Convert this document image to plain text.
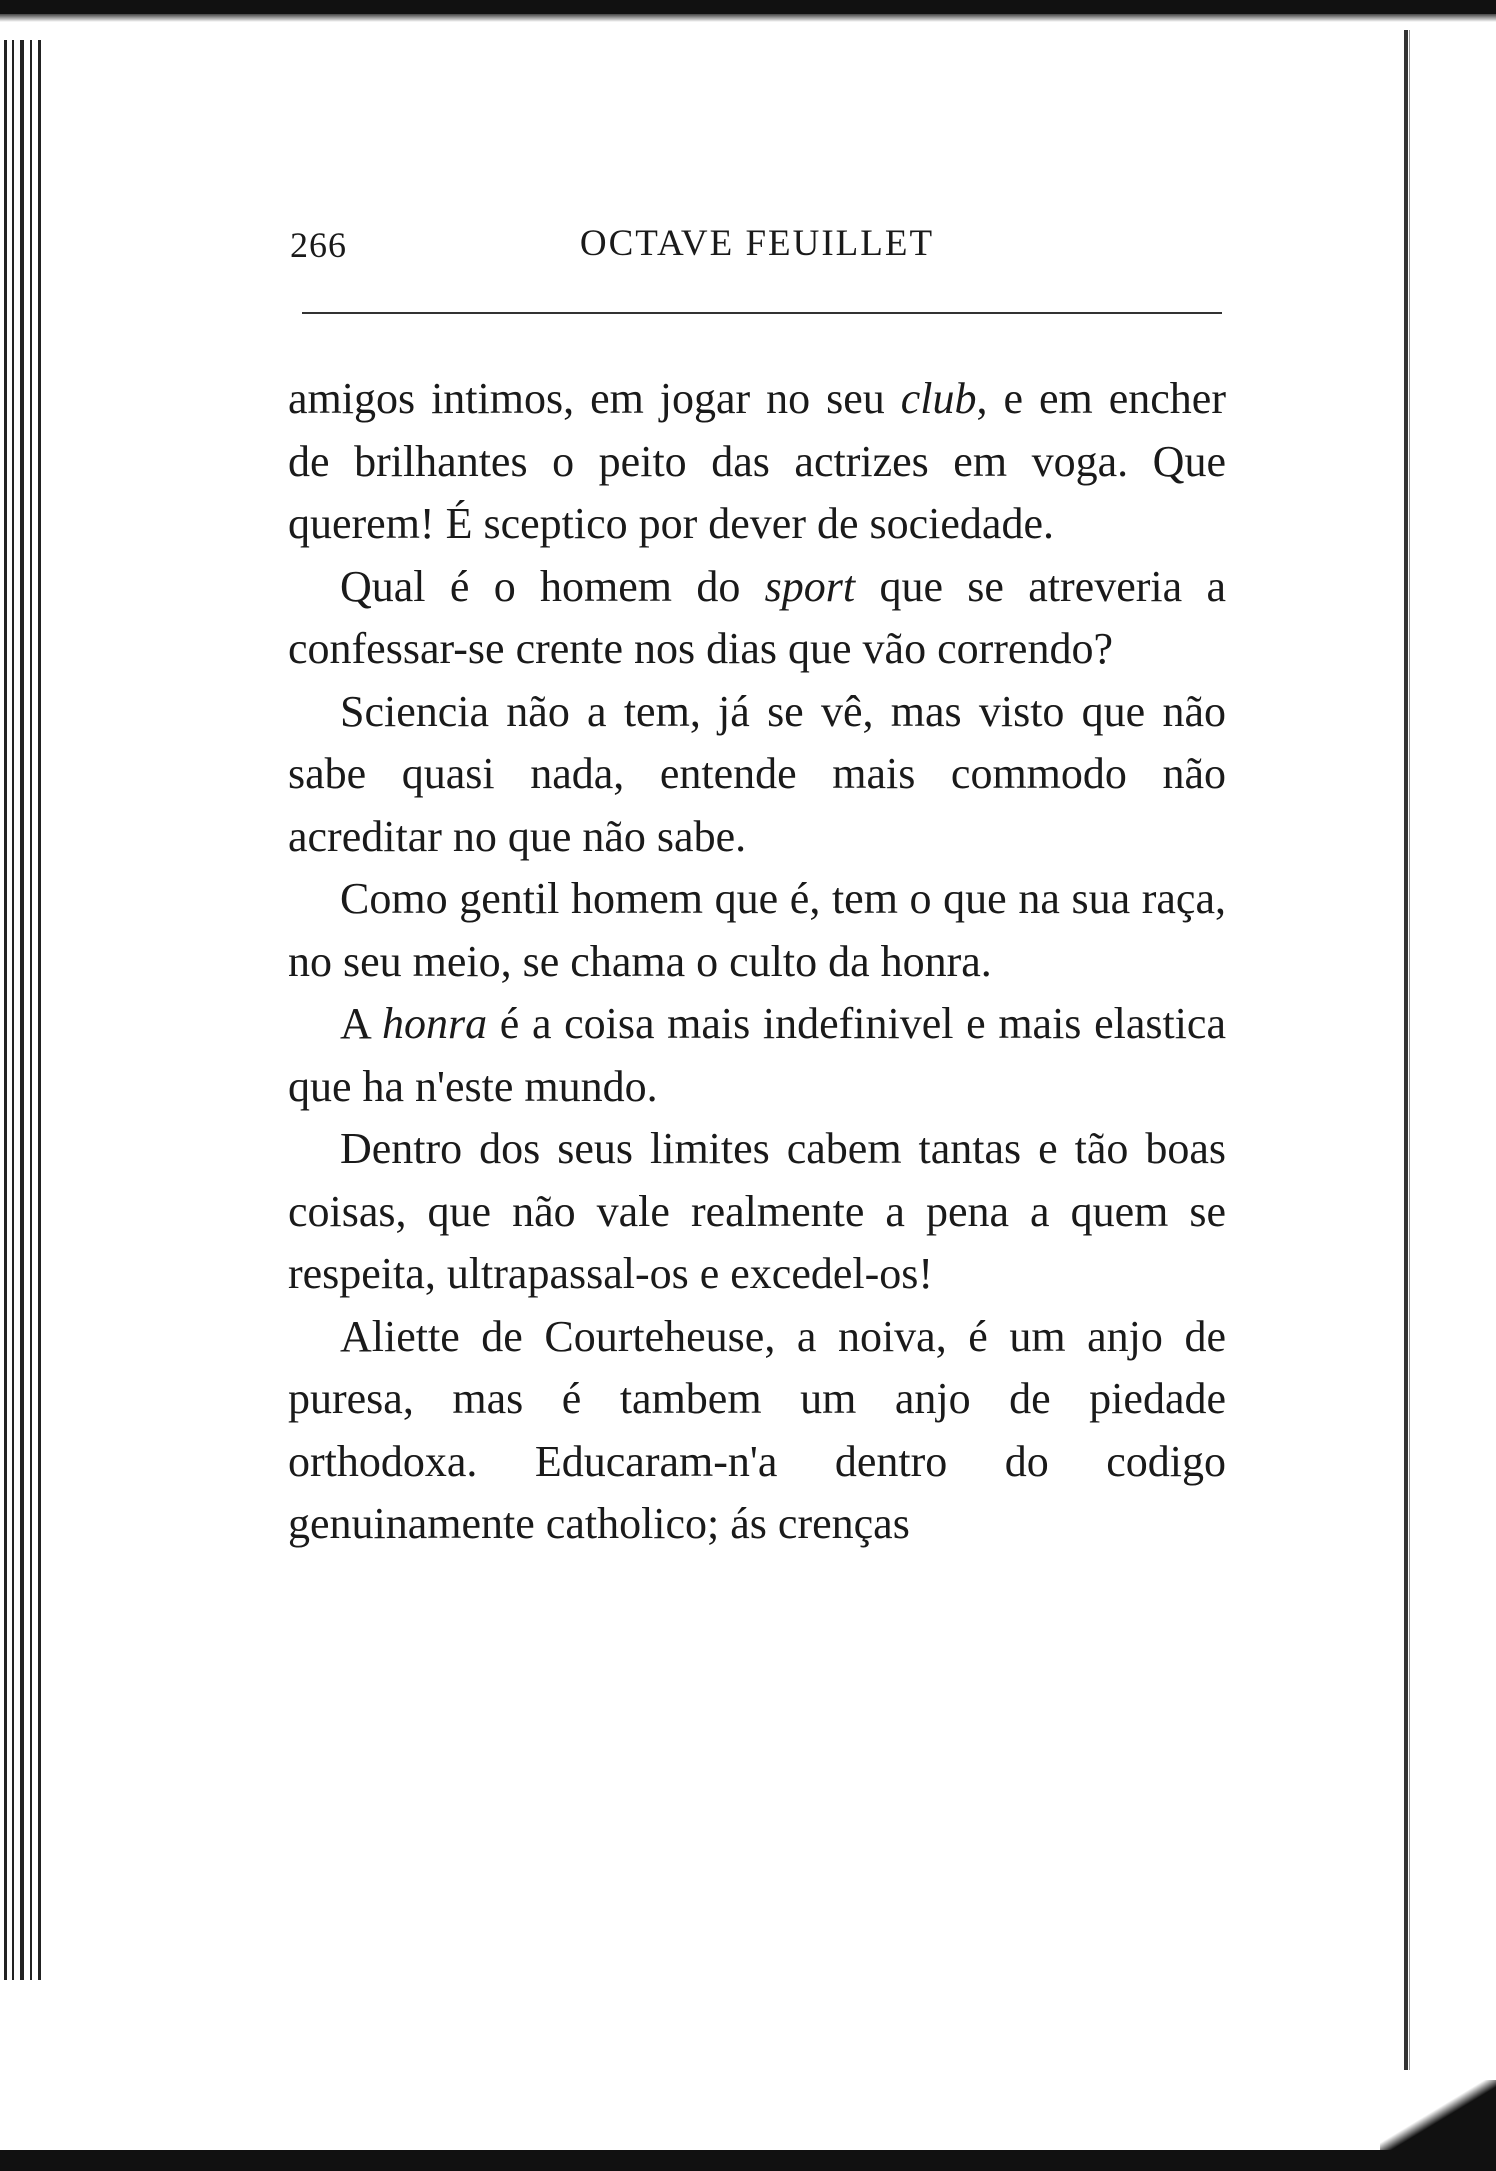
266	OCTAVE FEUILLET

amigos intimos, em jogar no seu club, e em encher de brilhantes o peito das actrizes em voga. Que querem! É sceptico por dever de sociedade.

Qual é o homem do sport que se atreveria a confessar-se crente nos dias que vão correndo?

Sciencia não a tem, já se vê, mas visto que não sabe quasi nada, entende mais commodo não acreditar no que não sabe.

Como gentil homem que é, tem o que na sua raça, no seu meio, se chama o culto da honra.

A honra é a coisa mais indefinivel e mais elastica que ha n'este mundo.

Dentro dos seus limites cabem tantas e tão boas coisas, que não vale realmente a pena a quem se respeita, ultrapassal-os e excedel-os!

Aliette de Courteheuse, a noiva, é um anjo de puresa, mas é tambem um anjo de piedade orthodoxa. Educaram-n'a dentro do codigo genuinamente catholico; ás crenças
